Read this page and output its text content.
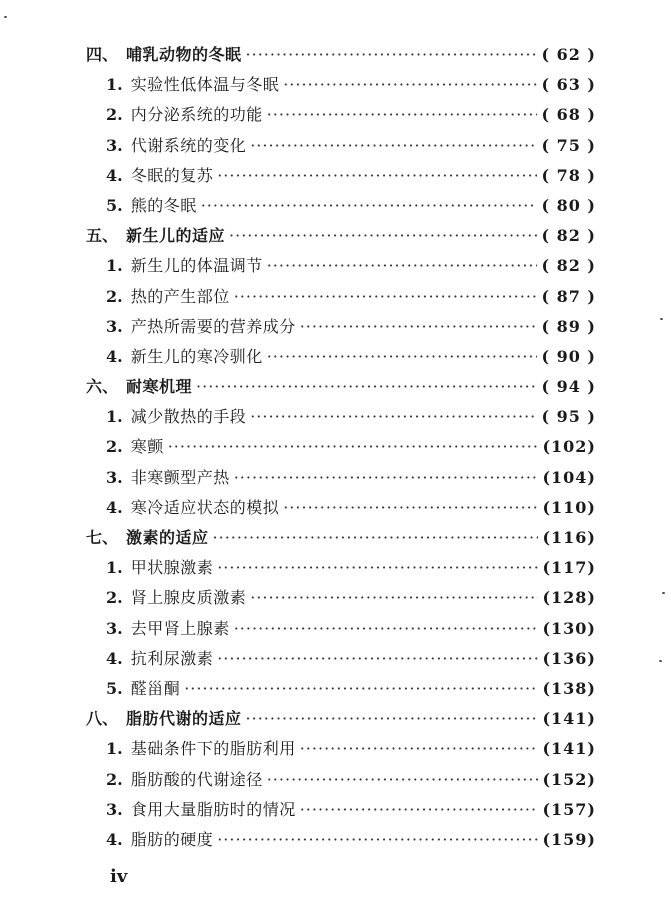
四、 哺乳动物的冬眠 ·····	( 62 )
1. 实验性低体温与冬眠 ·····	( 63 )
2. 内分泌系统的功能 ·····	( 68 )
3. 代谢系统的变化 ·····	( 75 )
4. 冬眠的复苏 ·····	( 78 )
5. 熊的冬眠 ·····	( 80 )
五、 新生儿的适应 ·····	( 82 )
1. 新生儿的体温调节 ·····	( 82 )
2. 热的产生部位 ·····	( 87 )
3. 产热所需要的营养成分 ·····	( 89 )
4. 新生儿的寒冷驯化 ·····	( 90 )
六、 耐寒机理 ·····	( 94 )
1. 减少散热的手段 ·····	( 95 )
2. 寒颤 ·····	(102)
3. 非寒颤型产热 ·····	(104)
4. 寒冷适应状态的模拟 ·····	(110)
七、 激素的适应 ·····	(116)
1. 甲状腺激素 ·····	(117)
2. 肾上腺皮质激素 ·····	(128)
3. 去甲肾上腺素 ·····	(130)
4. 抗利尿激素 ·····	(136)
5. 醛甾酮 ·····	(138)
八、 脂肪代谢的适应 ·····	(141)
1. 基础条件下的脂肪利用 ·····	(141)
2. 脂肪酸的代谢途径 ·····	(152)
3. 食用大量脂肪时的情况 ·····	(157)
4. 脂肪的硬度 ·····	(159)
iv
